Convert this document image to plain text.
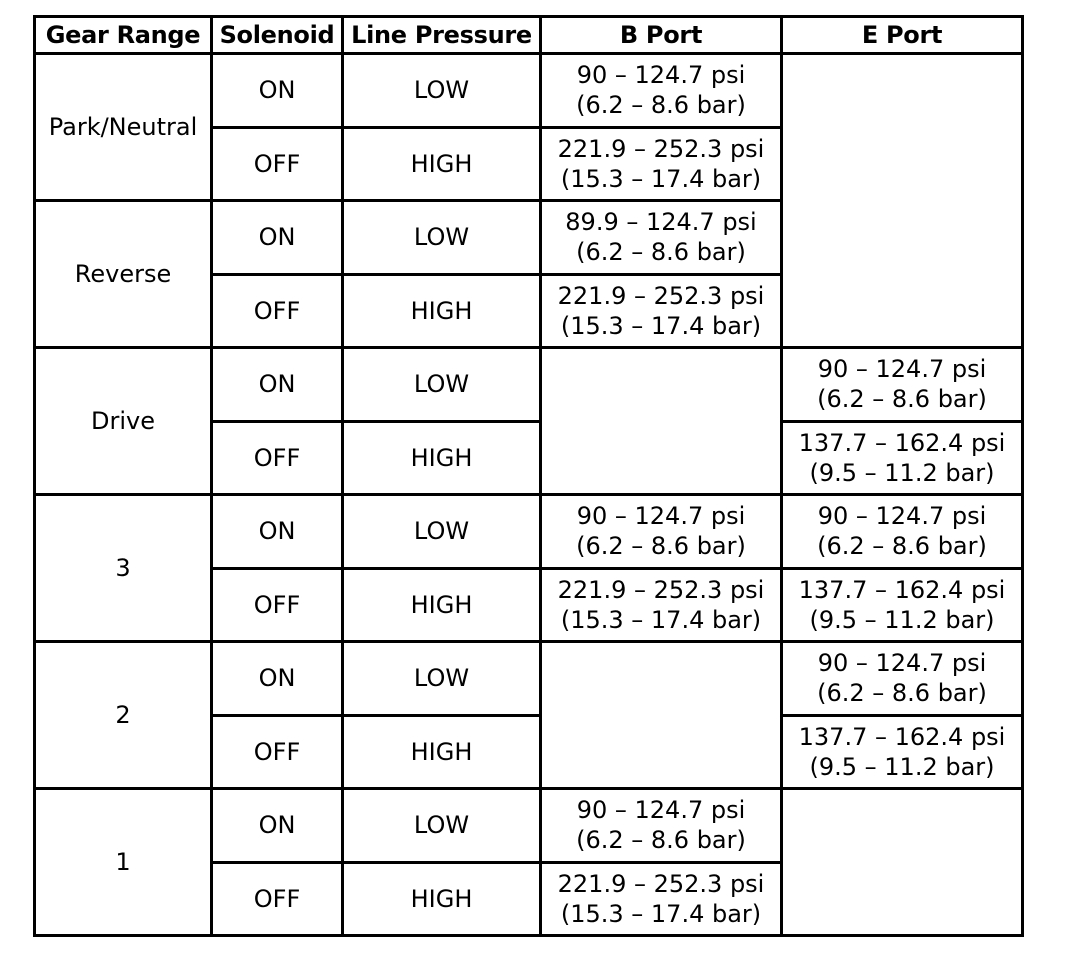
Gear Range	Solenoid	Line Pressure	B Port	E Port
Park/Neutral	ON	LOW	90 – 124.7 psi
(6.2 – 8.6 bar)	

	OFF	HIGH	221.9 – 252.3 psi
(15.3 – 17.4 bar)	

Reverse	ON	LOW	89.9 – 124.7 psi
(6.2 – 8.6 bar)	

	OFF	HIGH	221.9 – 252.3 psi
(15.3 – 17.4 bar)	

Drive	ON	LOW		90 – 124.7 psi
(6.2 – 8.6 bar)

	OFF	HIGH		137.7 – 162.4 psi
(9.5 – 11.2 bar)

3	ON	LOW	90 – 124.7 psi
(6.2 – 8.6 bar)	90 – 124.7 psi
(6.2 – 8.6 bar)

	OFF	HIGH	221.9 – 252.3 psi
(15.3 – 17.4 bar)	137.7 – 162.4 psi
(9.5 – 11.2 bar)

2	ON	LOW		90 – 124.7 psi
(6.2 – 8.6 bar)

	OFF	HIGH		137.7 – 162.4 psi
(9.5 – 11.2 bar)

1	ON	LOW	90 – 124.7 psi
(6.2 – 8.6 bar)	

	OFF	HIGH	221.9 – 252.3 psi
(15.3 – 17.4 bar)	
